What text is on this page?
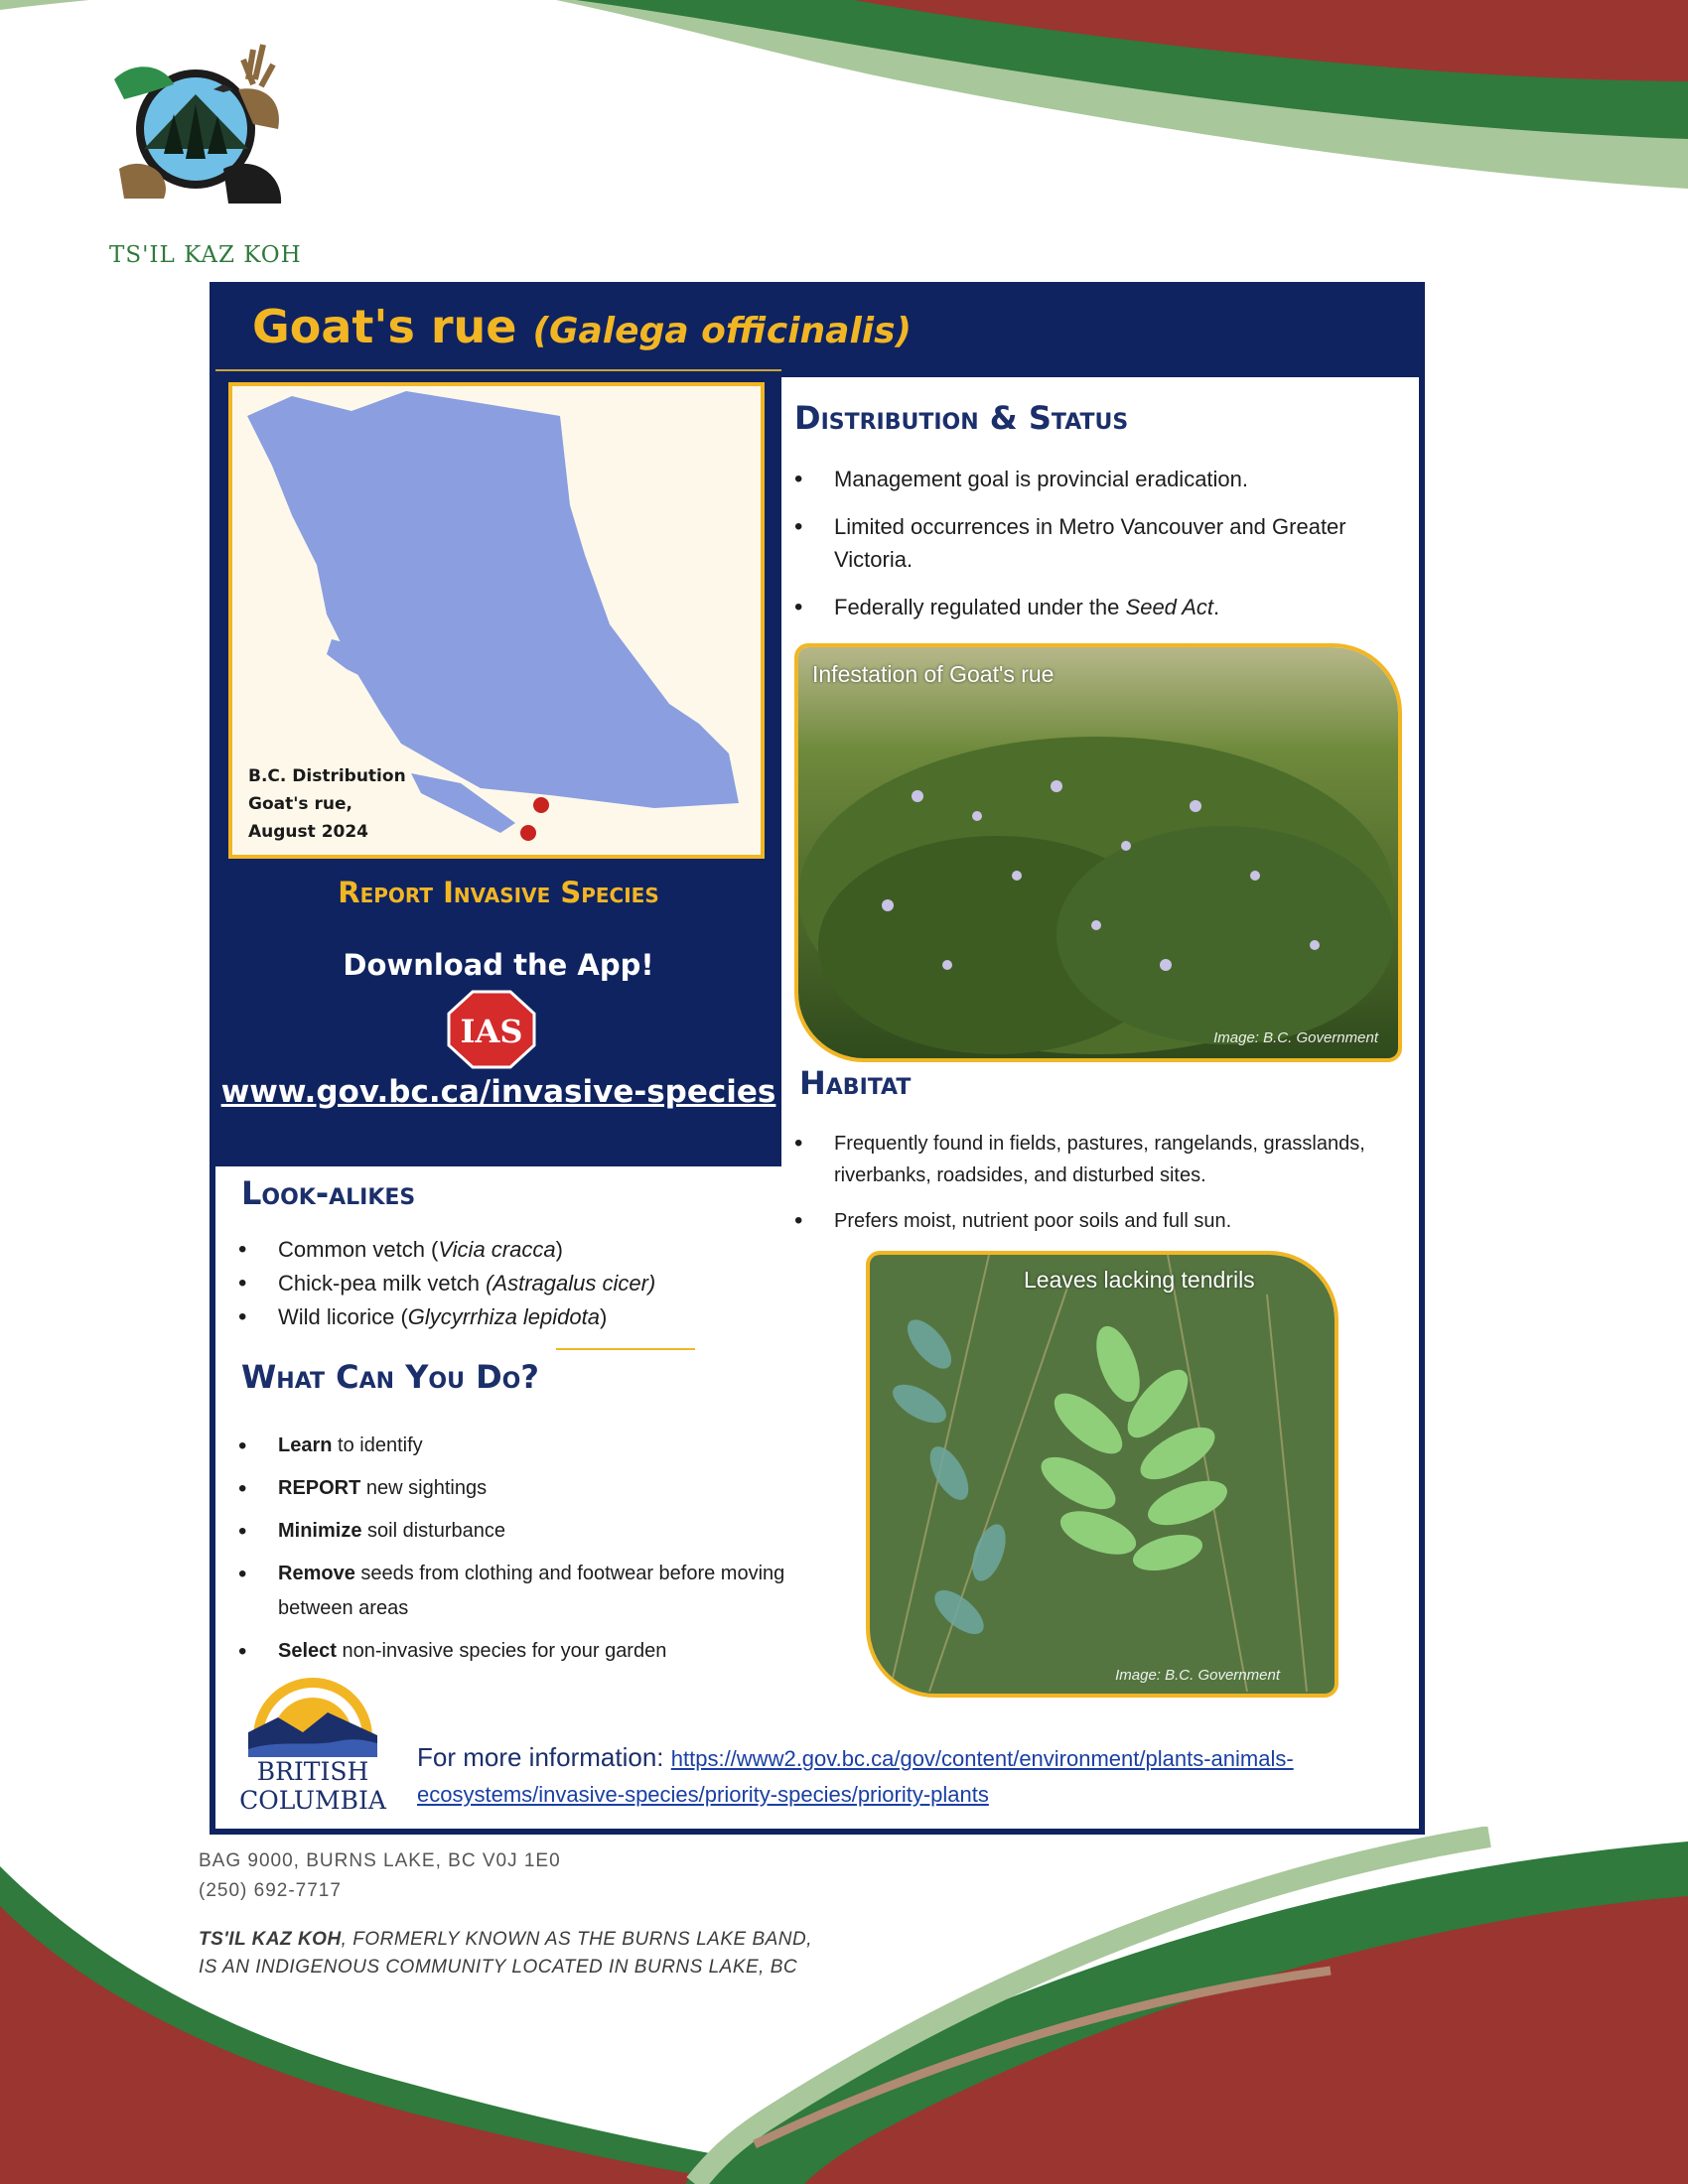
TS'IL KAZ KOH
Goat's rue (Galega officinalis)
B.C. Distribution
Goat's rue,
August 2024
Report Invasive Species
Download the App!
IAS
www.gov.bc.ca/invasive-species
Distribution & Status
• Management goal is provincial eradication.
• Limited occurrences in Metro Vancouver and Greater Victoria.
• Federally regulated under the Seed Act.
Infestation of Goat's rue
Image: B.C. Government
Habitat
• Frequently found in fields, pastures, rangelands, grasslands, riverbanks, roadsides, and disturbed sites.
• Prefers moist, nutrient poor soils and full sun.
Look-alikes
• Common vetch (Vicia cracca)
• Chick-pea milk vetch (Astragalus cicer)
• Wild licorice (Glycyrrhiza lepidota)
What Can You Do?
• Learn to identify
• REPORT new sightings
• Minimize soil disturbance
• Remove seeds from clothing and footwear before moving between areas
• Select non-invasive species for your garden
Leaves lacking tendrils
Image: B.C. Government
BRITISH
COLUMBIA
For more information: https://www2.gov.bc.ca/gov/content/environment/plants-animals-ecosystems/invasive-species/priority-species/priority-plants
BAG 9000, BURNS LAKE, BC V0J 1E0
(250) 692-7717
TS'IL KAZ KOH, FORMERLY KNOWN AS THE BURNS LAKE BAND,
IS AN INDIGENOUS COMMUNITY LOCATED IN BURNS LAKE, BC
